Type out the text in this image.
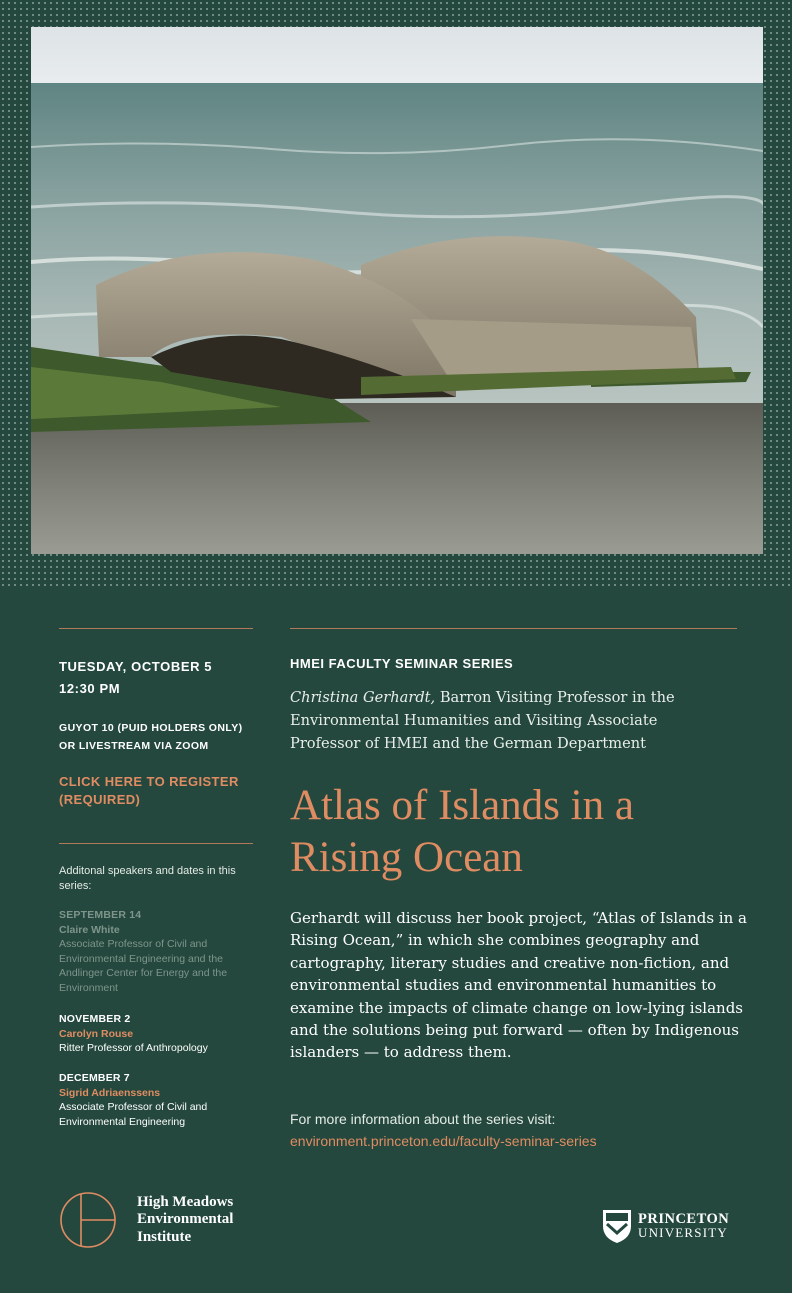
TUESDAY, OCTOBER 5
12:30 PM
GUYOT 10 (PUID HOLDERS ONLY)
OR LIVESTREAM VIA ZOOM
CLICK HERE TO REGISTER
(REQUIRED)
Additonal speakers and dates in this series:
SEPTEMBER 14
Claire White
Associate Professor of Civil and Environmental Engineering and the Andlinger Center for Energy and the Environment
NOVEMBER 2
Carolyn Rouse
Ritter Professor of Anthropology
DECEMBER 7
Sigrid Adriaenssens
Associate Professor of Civil and Environmental Engineering
HMEI FACULTY SEMINAR SERIES
Christina Gerhardt, Barron Visiting Professor in the Environmental Humanities and Visiting Associate Professor of HMEI and the German Department
Atlas of Islands in a Rising Ocean
Gerhardt will discuss her book project, “Atlas of Islands in a Rising Ocean,” in which she combines geography and cartography, literary studies and creative non-fiction, and environmental studies and environmental humanities to examine the impacts of climate change on low-lying islands and the solutions being put forward — often by Indigenous islanders — to address them.
For more information about the series visit:
environment.princeton.edu/faculty-seminar-series
High Meadows
Environmental
Institute
PRINCETON
UNIVERSITY
